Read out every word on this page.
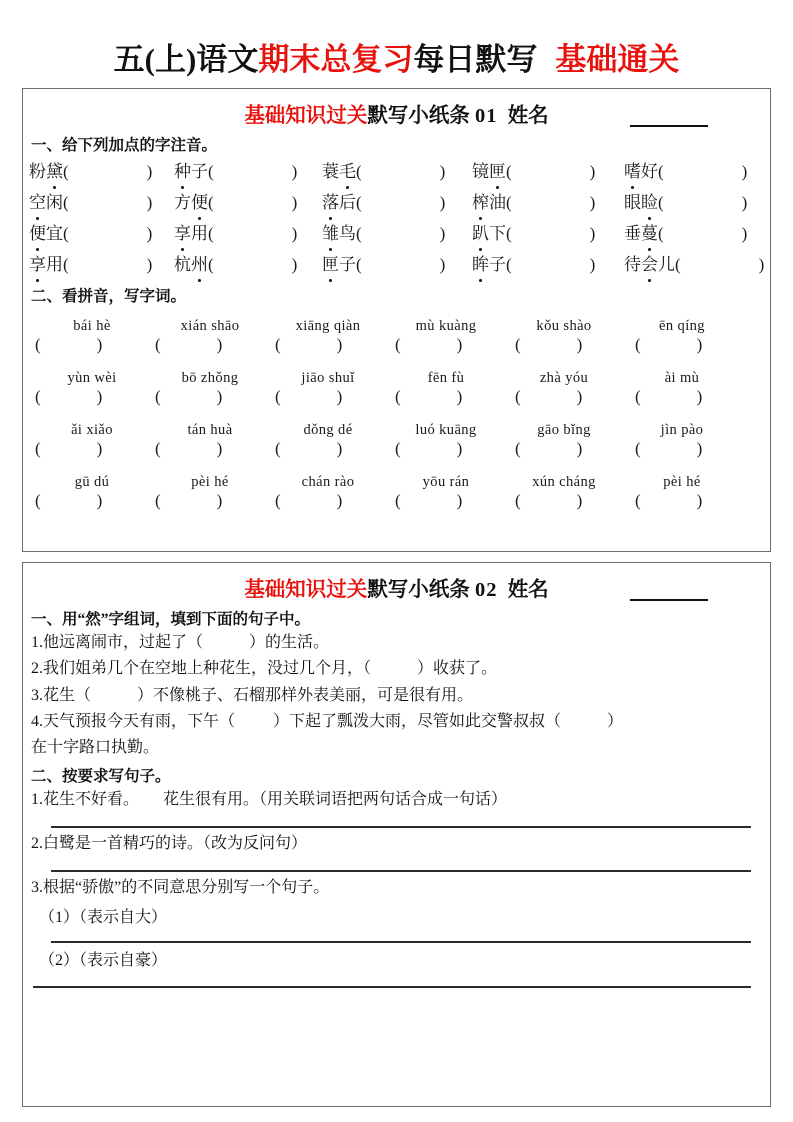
五(上)语文期末总复习每日默写 基础通关
基础知识过关默写小纸条 01 姓名
一、给下列加点的字注音。
粉黛 (	) 种子 (	) 蓑毛 (	) 镜匣 (	) 嗜好 (	)
空闲 (	) 方便 (	) 落后 (	) 榨油 (	) 眼睑 (	)
便宜 (	) 享用 (	) 雏鸟 (	) 趴下 (	) 垂蔓 (	)
享用 (	) 杭州 (	) 匣子 (	) 眸子 (	) 待会儿 (	)
二、看拼音，写字词。
bái hè	xián shāo	xiāng qiàn	mù kuàng	kǒu shào	ēn qíng
(	)	(	)	(	)	(	)	(	)	(	)
yùn wèi	bō zhǒng	jiāo shuǐ	fēn fù	zhà yóu	ài mù
(	)	(	)	(	)	(	)	(	)	(	)
ǎi xiǎo	tán huà	dǒng dé	luó kuāng	gāo bǐng	jìn pào
(	)	(	)	(	)	(	)	(	)	(	)
gū dú	pèi hé	chán rào	yōu rán	xún cháng	pèi hé
(	)	(	)	(	)	(	)	(	)	(	)
基础知识过关默写小纸条 02 姓名
一、用“然”字组词，填到下面的句子中。
1.他远离闹市，过起了（	）的生活。
2.我们姐弟几个在空地上种花生，没过几个月，（	）收获了。
3.花生（	）不像桃子、石榴那样外表美丽，可是很有用。
4.天气预报今天有雨，下午（ ）下起了瓢泼大雨，尽管如此交警叔叔（	）
在十字路口执勤。
二、按要求写句子。
1.花生不好看。　　花生很有用。（用关联词语把两句话合成一句话）
2.白鹭是一首精巧的诗。（改为反问句）
3.根据“骄傲”的不同意思分别写一个句子。
（1）（表示自大）
（2）（表示自豪）
